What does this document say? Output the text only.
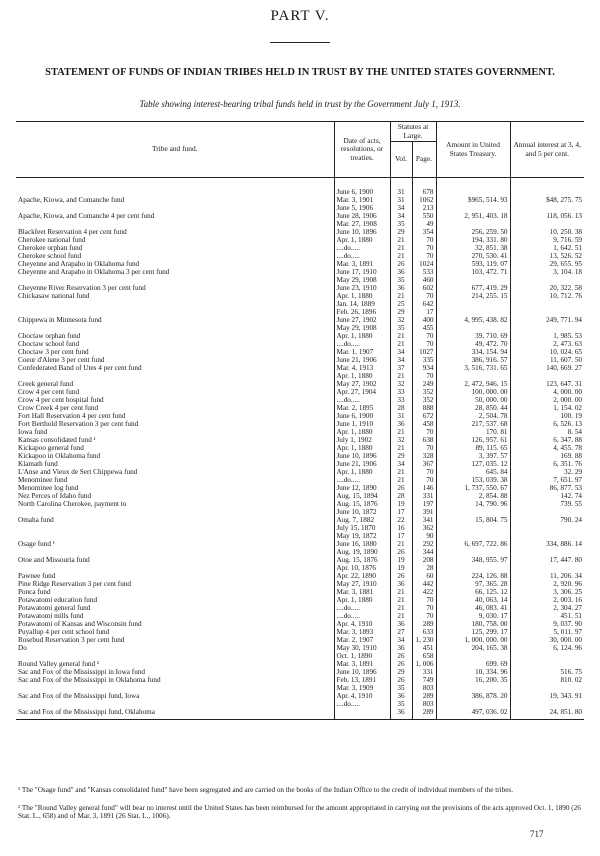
PART V.
STATEMENT OF FUNDS OF INDIAN TRIBES HELD IN TRUST BY THE UNITED STATES GOVERNMENT.
Table showing interest-bearing tribal funds held in trust by the Government July 1, 1913.
Tribe and fund.	Date of acts, resolutions, or treaties.	Statutes at Large.		Amount in United States Treasury.	Annual interest at 3, 4, and 5 per cent.
		Vol.	Page.		
	June 6, 1900	31	678		
Apache, Kiowa, and Comanche fund	Mar. 3, 1901	31	1062	$965, 514. 93	$48, 275. 75
	June 5, 1906	34	213		
Apache, Kiowa, and Comanche 4 per cent fund	June 28, 1906	34	550	2, 951, 403. 18	118, 056. 13
	Mar. 27, 1908	35	49		
Blackfeet Reservation 4 per cent fund	June 10, 1896	29	354	256, 259. 50	10, 250. 38
Cherokee national fund	Apr. 1, 1880	21	70	194, 331. 80	9, 716. 59
Cherokee orphan fund	....do.....	21	70	32, 851. 38	1, 642. 51
Cherokee school fund	....do.....	21	70	270, 530. 41	13, 526. 52
Cheyenne and Arapaho in Oklahoma fund	Mar. 3, 1891	26	1024	593, 119. 07	29, 655. 95
Cheyenne and Arapaho in Oklahoma 3 per cent fund	June 17, 1910	36	533	103, 472. 71	3, 104. 18
	May 29, 1908	35	460		
Cheyenne River Reservation 3 per cent fund	June 23, 1910	36	602	677, 419. 29	20, 322. 58
Chickasaw national fund	Apr. 1, 1880	21	70	214, 255. 15	10, 712. 76
	Jan. 14, 1889	25	642		
	Feb. 26, 1896	29	17		
Chippewa in Minnesota fund	June 27, 1902	32	400	4, 995, 438. 82	249, 771. 94
	May 29, 1908	35	455		
Choctaw orphan fund	Apr. 1, 1880	21	70	39, 710. 69	1, 985. 53
Choctaw school fund	....do.....	21	70	49, 472. 70	2, 473. 63
Choctaw 3 per cent fund	Mar. 1, 1907	34	1027	334, 154. 94	10, 024. 65
Coeur d'Alene 3 per cent fund	June 21, 1906	34	335	386, 916. 57	11, 607. 50
Confederated Band of Utes 4 per cent fund	Mar. 4, 1913	37	934	3, 516, 731. 65	140, 669. 27
	Apr. 1, 1880	21	70		
Creek general fund	May 27, 1902	32	249	2, 472, 946. 15	123, 647. 31
Crow 4 per cent fund	Apr. 27, 1904	33	352	100, 000. 00	4, 000. 00
Crow 4 per cent hospital fund	....do.....	33	352	50, 000. 00	2, 000. 00
Crow Creek 4 per cent fund	Mar. 2, 1895	28	888	28, 850. 44	1, 154. 02
Fort Hall Reservation 4 per cent fund	June 6, 1900	31	672	2, 504. 78	100. 19
Fort Berthold Reservation 3 per cent fund	June 1, 1910	36	458	217, 537. 68	6, 526. 13
Iowa fund	Apr. 1, 1880	21	70	170. 81	8. 54
Kansas consolidated fund ¹	July 1, 1902	32	638	126, 957. 61	6, 347. 88
Kickapoo general fund	Apr. 1, 1880	21	70	89, 115. 65	4, 455. 78
Kickapoo in Oklahoma fund	June 10, 1896	29	328	3, 397. 57	169. 88
Klamath fund	June 21, 1906	34	367	127, 035. 12	6, 351. 76
L'Anse and Vieux de Sert Chippewa fund	Apr. 1, 1880	21	70	645. 84	32. 29
Menominee fund	....do.....	21	70	153, 039. 38	7, 651. 97
Menominee log fund	June 12, 1890	26	146	1, 737, 550. 67	86, 877. 53
Nez Perces of Idaho fund	Aug. 15, 1894	28	331	2, 854. 88	142. 74
North Carolina Cherokee, payment to	Aug. 15, 1876	19	197	14, 790. 96	739. 55
	June 10, 1872	17	391		
Omaha fund	Aug. 7, 1882	22	341	15, 804. 75	790. 24
	July 15, 1870	16	362		
	May 19, 1872	17	90		
Osage fund ¹	June 16, 1880	21	292	6, 697, 722. 86	334, 886. 14
	Aug. 19, 1890	26	344		
Otoe and Missouria fund	Aug. 15, 1876	19	208	348, 955. 97	17, 447. 80
	Apr. 10, 1876	19	28		
Pawnee fund	Apr. 22, 1890	26	60	224, 126. 88	11, 206. 34
Pine Ridge Reservation 3 per cent fund	May 27, 1910	36	442	97, 365. 28	2, 920. 96
Ponca fund	Mar. 3, 1881	21	422	66, 125. 12	3, 306. 25
Potawatomi education fund	Apr. 1, 1880	21	70	40, 063. 14	2, 003. 16
Potawatomi general fund	....do.....	21	70	46, 083. 41	2, 304. 27
Potawatomi mills fund	....do.....	21	70	9, 030. 17	451. 51
Potawatomi of Kansas and Wisconsin fund	Apr. 4, 1910	36	289	180, 758. 00	9, 037. 90
Puyallup 4 per cent school fund	Mar. 3, 1893	27	633	125, 299. 17	5, 011. 97
Rosebud Reservation 3 per cent fund	Mar. 2, 1907	34	1, 230	1, 000, 000. 00	30, 000. 00
Do	May 30, 1910	36	451	204, 165. 38	6, 124. 96
	Oct. 1, 1890	26	658		
Round Valley general fund ²	Mar. 3, 1891	26	1, 006	699. 69	
Sac and Fox of the Mississippi in Iowa fund	June 10, 1896	29	331	10, 334. 96	516. 75
Sac and Fox of the Mississippi in Oklahoma fund	Feb. 13, 1891	26	749	16, 200. 35	810. 02
	Mar. 3, 1909	35	803		
Sac and Fox of the Mississippi fund, Iowa	Apr. 4, 1910	36	289	386, 878. 20	19, 343. 91
	....do.....	35	803		
Sac and Fox of the Mississippi fund, Oklahoma		36	289	497, 036. 02	24, 851. 80
¹ The "Osage fund" and "Kansas consolidated fund" have been segregated and are carried on the books of the Indian Office to the credit of individual members of the tribes.
² The "Round Valley general fund" will bear no interest until the United States has been reimbursed for the amount appropriated in carrying out the provisions of the acts approved Oct. 1, 1890 (26 Stat. L., 658) and of Mar. 3, 1891 (26 Stat. L., 1006).
717
